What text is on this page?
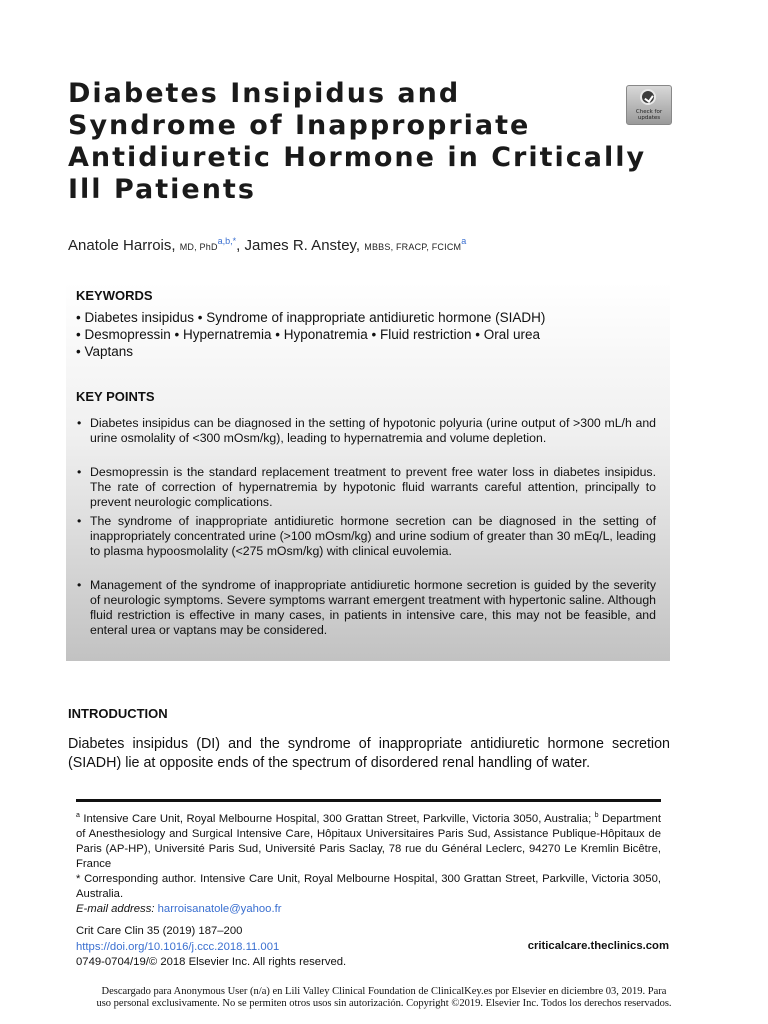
Diabetes Insipidus and
Syndrome of Inappropriate
Antidiuretic Hormone in Critically
Ill Patients
Check for
updates
Anatole Harrois, MD, PhD$^{a,b,*}$, James R. Anstey, MBBS, FRACP, FCICM$^a$
KEYWORDS
• Diabetes insipidus • Syndrome of inappropriate antidiuretic hormone (SIADH)
• Desmopressin • Hypernatremia • Hyponatremia • Fluid restriction • Oral urea
• Vaptans
KEY POINTS
• Diabetes insipidus can be diagnosed in the setting of hypotonic polyuria (urine output of >300 mL/h and urine osmolality of <300 mOsm/kg), leading to hypernatremia and volume depletion.
• Desmopressin is the standard replacement treatment to prevent free water loss in diabetes insipidus. The rate of correction of hypernatremia by hypotonic fluid warrants careful attention, principally to prevent neurologic complications.
• The syndrome of inappropriate antidiuretic hormone secretion can be diagnosed in the setting of inappropriately concentrated urine (>100 mOsm/kg) and urine sodium of greater than 30 mEq/L, leading to plasma hypoosmolality (<275 mOsm/kg) with clinical euvolemia.
• Management of the syndrome of inappropriate antidiuretic hormone secretion is guided by the severity of neurologic symptoms. Severe symptoms warrant emergent treatment with hypertonic saline. Although fluid restriction is effective in many cases, in patients in intensive care, this may not be feasible, and enteral urea or vaptans may be considered.
INTRODUCTION
Diabetes insipidus (DI) and the syndrome of inappropriate antidiuretic hormone secretion (SIADH) lie at opposite ends of the spectrum of disordered renal handling of water.
$^a$ Intensive Care Unit, Royal Melbourne Hospital, 300 Grattan Street, Parkville, Victoria 3050, Australia; $^b$ Department of Anesthesiology and Surgical Intensive Care, Hôpitaux Universitaires Paris Sud, Assistance Publique-Hôpitaux de Paris (AP-HP), Université Paris Sud, Université Paris Saclay, 78 rue du Général Leclerc, 94270 Le Kremlin Bicêtre, France
* Corresponding author. Intensive Care Unit, Royal Melbourne Hospital, 300 Grattan Street, Parkville, Victoria 3050, Australia.
E-mail address: harroisanatole@yahoo.fr
Crit Care Clin 35 (2019) 187–200
https://doi.org/10.1016/j.ccc.2018.11.001
0749-0704/19/© 2018 Elsevier Inc. All rights reserved.
criticalcare.theclinics.com
Descargado para Anonymous User (n/a) en Lili Valley Clinical Foundation de ClinicalKey.es por Elsevier en diciembre 03, 2019. Para
uso personal exclusivamente. No se permiten otros usos sin autorización. Copyright ©2019. Elsevier Inc. Todos los derechos reservados.
